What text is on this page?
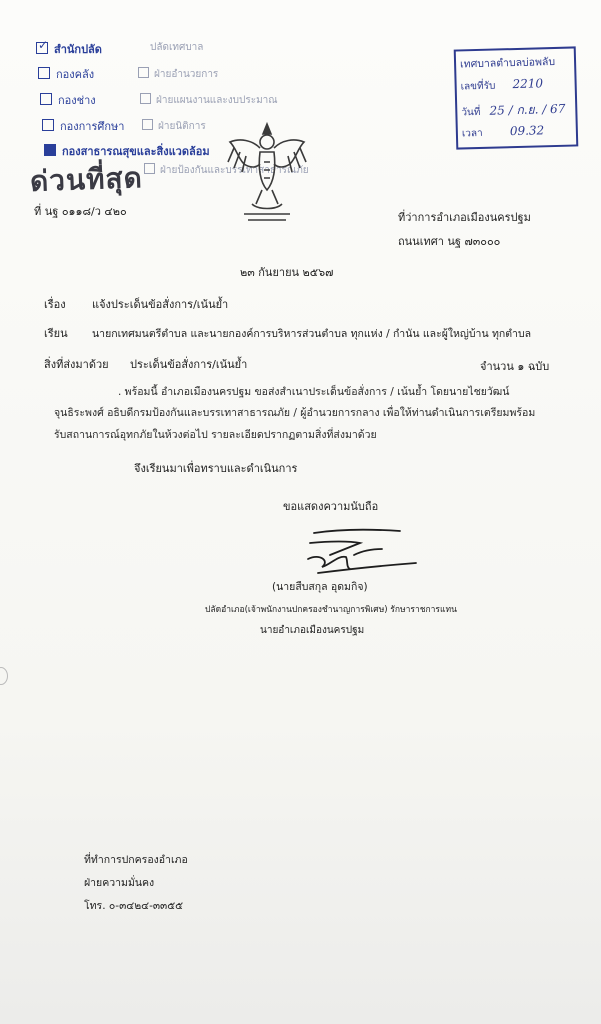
✓ สำนักปลัด
กองคลัง
กองช่าง
กองการศึกษา
กองสาธารณสุขและสิ่งแวดล้อม
ปลัดเทศบาล
ฝ่ายอำนวยการ
ฝ่ายแผนงานและงบประมาณ
ฝ่ายนิติการ
ฝ่ายป้องกันและบรรเทาสาธารณภัย
เทศบาลตำบลบ่อพลับ
เลขที่รับ 2210
วันที่ 25 / ก.ย. / 67
เวลา 09.32
ด่วนที่สุด
ที่ นฐ ๐๑๑๘/ว ๔๒๐	ที่ว่าการอำเภอเมืองนครปฐม
ถนนเทศา นฐ ๗๓๐๐๐
๒๓ กันยายน ๒๕๖๗
เรื่อง แจ้งประเด็นข้อสั่งการ/เน้นย้ำ
เรียน นายกเทศมนตรีตำบล และนายกองค์การบริหารส่วนตำบล ทุกแห่ง / กำนัน และผู้ใหญ่บ้าน ทุกตำบล
สิ่งที่ส่งมาด้วย ประเด็นข้อสั่งการ/เน้นย้ำ	จำนวน ๑ ฉบับ
. พร้อมนี้ อำเภอเมืองนครปฐม ขอส่งสำเนาประเด็นข้อสั่งการ / เน้นย้ำ โดยนายไชยวัฒน์
จุนธิระพงศ์ อธิบดีกรมป้องกันและบรรเทาสาธารณภัย / ผู้อำนวยการกลาง เพื่อให้ท่านดำเนินการเตรียมพร้อม
รับสถานการณ์อุทกภัยในห้วงต่อไป รายละเอียดปรากฏตามสิ่งที่ส่งมาด้วย
จึงเรียนมาเพื่อทราบและดำเนินการ
ขอแสดงความนับถือ
(นายสืบสกุล อุดมกิจ)
ปลัดอำเภอ(เจ้าพนักงานปกครองชำนาญการพิเศษ) รักษาราชการแทน
นายอำเภอเมืองนครปฐม
ที่ทำการปกครองอำเภอ
ฝ่ายความมั่นคง
โทร. ๐-๓๔๒๔-๓๓๕๕
